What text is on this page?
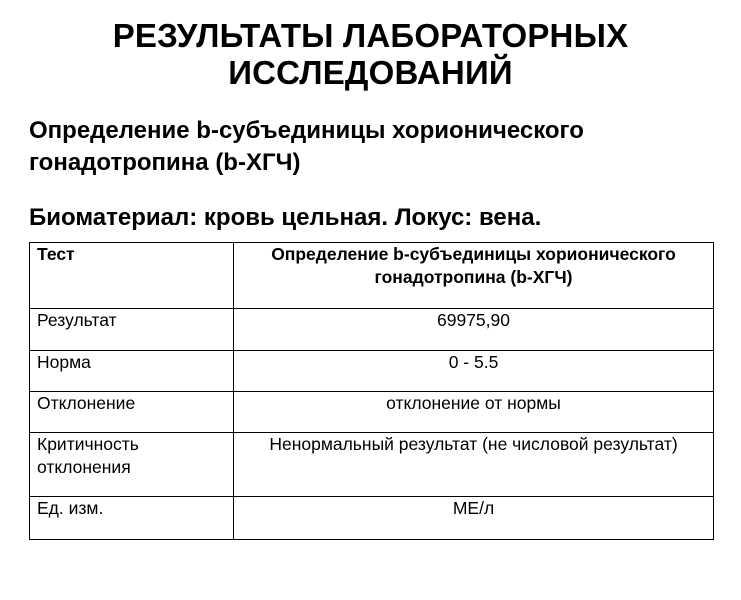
РЕЗУЛЬТАТЫ ЛАБОРАТОРНЫХ
ИССЛЕДОВАНИЙ
Определение b-субъединицы хорионического
гонадотропина (b-ХГЧ)
Биоматериал: кровь цельная. Локус: вена.
Тест	Определение b-субъединицы хорионического
гонадотропина (b-ХГЧ)

Результат	69975,90

Норма	0 - 5.5

Отклонение	отклонение от нормы

Критичность
отклонения	Ненормальный результат (не числовой результат)

Ед. изм.	МЕ/л
